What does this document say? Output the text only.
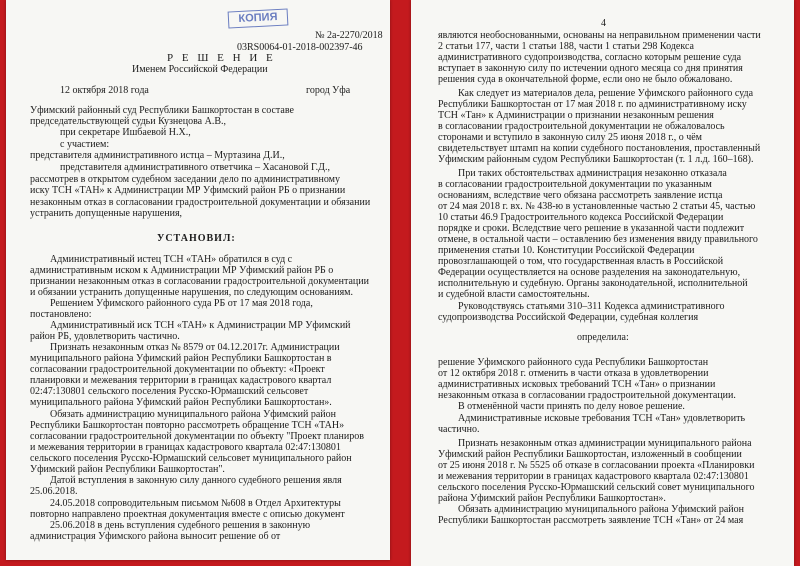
КОПИЯ
№ 2а-2270/2018
03RS0064-01-2018-002397-46
Р Е Ш Е Н И Е
Именем Российской Федерации
12 октября 2018 года	город Уфа
Уфимский районный суд Республики Башкортостан в составе
председательствующей судьи Кузнецова А.В.,
при секретаре Ишбаевой Н.Х.,
с участием:
представителя административного истца – Муртазина Д.И.,
представителя административного ответчика – Хасановой Г.Д.,
рассмотрев в открытом судебном заседании дело по административному
иску ТСН «ТАН» к Администрации МР Уфимский район РБ о признании
незаконным отказ в согласовании градостроительной документации и обязании
устранить допущенные нарушения,
УСТАНОВИЛ:
Административный истец ТСН «ТАН» обратился в суд с
административным иском к Администрации МР Уфимский район РБ о
признании незаконным отказ в согласовании градостроительной документации
и обязании устранить допущенные нарушения, по следующим основаниям.
Решением Уфимского районного суда РБ от 17 мая 2018 года,
постановлено:
Административный иск ТСН «ТАН» к Администрации МР Уфимский
район РБ, удовлетворить частично.
Признать незаконным отказ № 8579 от 04.12.2017г. Администрации
муниципального района Уфимский район Республики Башкортостан в
согласовании градостроительной документации по объекту: «Проект
планировки и межевания территории в границах кадастрового квартал
02:47:130801 сельского поселения Русско-Юрмашский сельсовет
муниципального района Уфимский район Республики Башкортостан».
Обязать администрацию муниципального района Уфимский район
Республики Башкортостан повторно рассмотреть обращение ТСН «ТАН»
согласовании градостроительной документации по объекту "Проект планиров
и межевания территории в границах кадастрового квартала 02:47:130801
сельского поселения Русско-Юрмашский сельсовет муниципального район
Уфимский район Республики Башкортостан".
Датой вступления в законную силу данного судебного решения явля
25.06.2018.
24.05.2018 сопроводительным письмом №608 в Отдел Архитектуры
повторно направлено проектная документация вместе с описью документ
25.06.2018 в день вступления судебного решения в законную
администрация Уфимского района выносит решение об от
4
являются необоснованными, основаны на неправильном применении части
2 статьи 177, части 1 статьи 188, части 1 статьи 298 Кодекса
административного судопроизводства, согласно которым решение суда
вступает в законную силу по истечении одного месяца со дня принятия
решения суда в окончательной форме, если оно не было обжаловано.
Как следует из материалов дела, решение Уфимского районного суда
Республики Башкортостан от 17 мая 2018 г. по административному иску
ТСН «Тан» к Администрации о признании незаконным решения
в согласовании градостроительной документации не обжаловалось
сторонами и вступило в законную силу 25 июня 2018 г., о чём
свидетельствует штамп на копии судебного постановления, проставленный
Уфимским районным судом Республики Башкортостан (т. 1 л.д. 160–168).
При таких обстоятельствах администрация незаконно отказала
в согласовании градостроительной документации по указанным
основаниям, вследствие чего обязана рассмотреть заявление истца
от 24 мая 2018 г. вх. № 438-ю в установленные частью 2 статьи 45, частью
10 статьи 46.9 Градостроительного кодекса Российской Федерации
порядке и сроки. Вследствие чего решение в указанной части подлежит
отмене, в остальной части – оставлению без изменения ввиду правильного
применения статьи 10. Конституции Российской Федерации
провозглашающей о том, что государственная власть в Российской
Федерации осуществляется на основе разделения на законодательную,
исполнительную и судебную. Органы законодательной, исполнительной
и судебной власти самостоятельны.
Руководствуясь статьями 310–311 Кодекса административного
судопроизводства Российской Федерации, судебная коллегия
определила:
решение Уфимского районного суда Республики Башкортостан
от 12 октября 2018 г. отменить в части отказа в удовлетворении
административных исковых требований ТСН «Тан» о признании
незаконным отказа в согласовании градостроительной документации.
В отменённой части принять по делу новое решение.
Административные исковые требования ТСН «Тан» удовлетворить
частично.
Признать незаконным отказ администрации муниципального района
Уфимский район Республики Башкортостан, изложенный в сообщении
от 25 июня 2018 г. № 5525 об отказе в согласовании проекта «Планировки
и межевания территории в границах кадастрового квартала 02:47:130801
сельского поселения Русско-Юрмашский сельский совет муниципального
района Уфимский район Республики Башкортостан».
Обязать администрацию муниципального района Уфимский район
Республики Башкортостан рассмотреть заявление ТСН «Тан» от 24 мая
